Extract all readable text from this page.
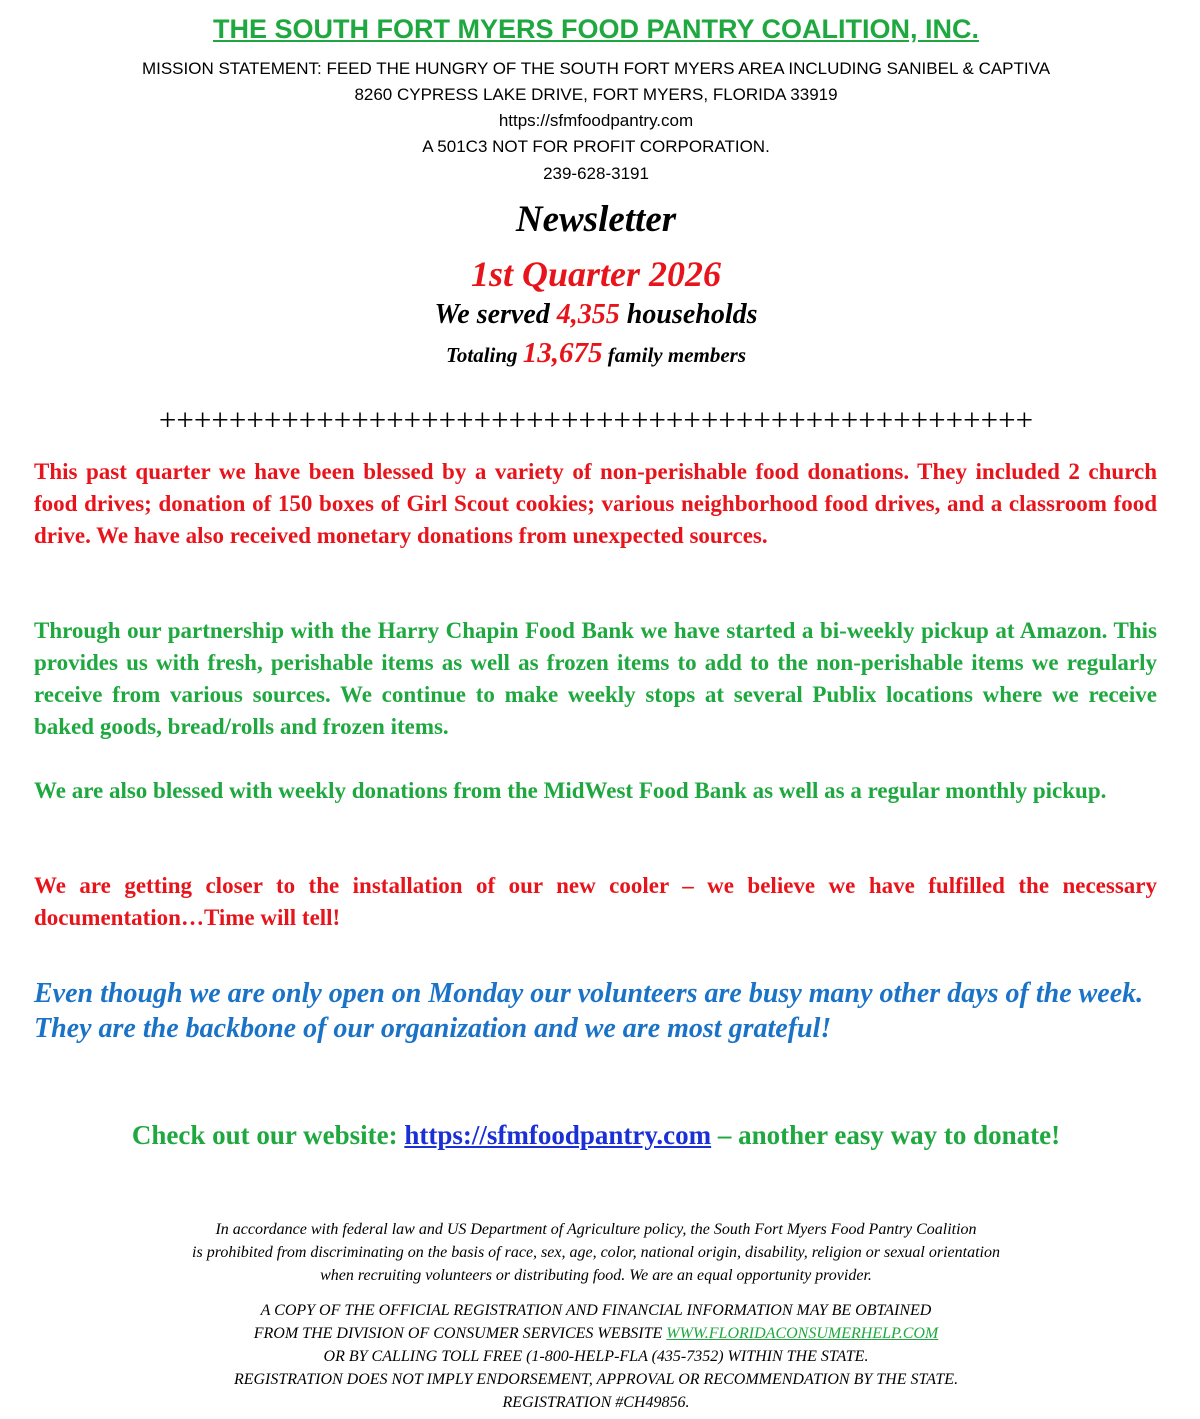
THE SOUTH FORT MYERS FOOD PANTRY COALITION, INC.

MISSION STATEMENT: FEED THE HUNGRY OF THE SOUTH FORT MYERS AREA INCLUDING SANIBEL & CAPTIVA

8260 CYPRESS LAKE DRIVE, FORT MYERS, FLORIDA 33919

https://sfmfoodpantry.com

A 501C3 NOT FOR PROFIT CORPORATION.

239-628-3191

Newsletter

1st Quarter 2026

We served 4,355 households

Totaling 13,675 family members

++++++++++++++++++++++++++++++++++++++++++++++++++

This past quarter we have been blessed by a variety of non-perishable food donations. They included 2 church food drives; donation of 150 boxes of Girl Scout cookies; various neighborhood food drives, and a classroom food drive. We have also received monetary donations from unexpected sources.

Through our partnership with the Harry Chapin Food Bank we have started a bi-weekly pickup at Amazon. This provides us with fresh, perishable items as well as frozen items to add to the non-perishable items we regularly receive from various sources. We continue to make weekly stops at several Publix locations where we receive baked goods, bread/rolls and frozen items.

We are also blessed with weekly donations from the MidWest Food Bank as well as a regular monthly pickup.

We are getting closer to the installation of our new cooler – we believe we have fulfilled the necessary documentation…Time will tell!

Even though we are only open on Monday our volunteers are busy many other days of the week. They are the backbone of our organization and we are most grateful!

Check out our website: https://sfmfoodpantry.com – another easy way to donate!

In accordance with federal law and US Department of Agriculture policy, the South Fort Myers Food Pantry Coalition

is prohibited from discriminating on the basis of race, sex, age, color, national origin, disability, religion or sexual orientation

when recruiting volunteers or distributing food. We are an equal opportunity provider.

A COPY OF THE OFFICIAL REGISTRATION AND FINANCIAL INFORMATION MAY BE OBTAINED

FROM THE DIVISION OF CONSUMER SERVICES WEBSITE WWW.FLORIDACONSUMERHELP.COM

OR BY CALLING TOLL FREE (1-800-HELP-FLA (435-7352) WITHIN THE STATE.

REGISTRATION DOES NOT IMPLY ENDORSEMENT, APPROVAL OR RECOMMENDATION BY THE STATE.

REGISTRATION #CH49856.
